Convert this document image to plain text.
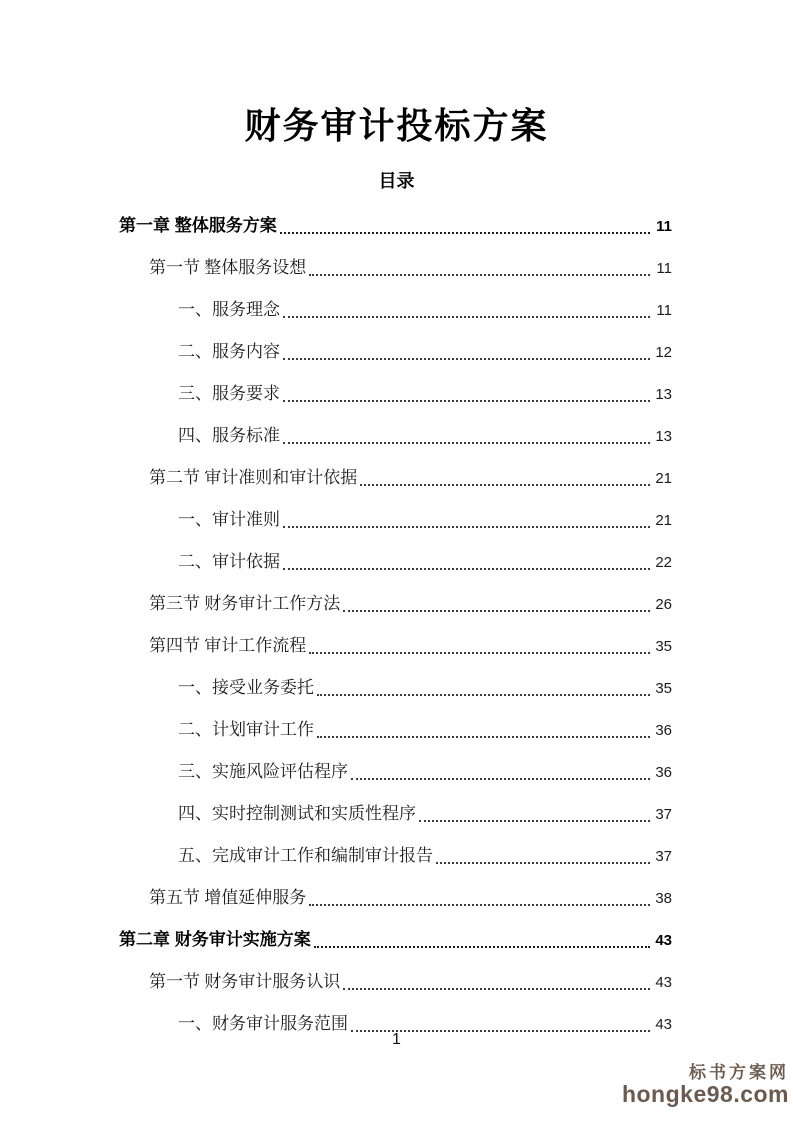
财务审计投标方案
目录
第一章 整体服务方案	11
第一节 整体服务设想	11
一、服务理念	11
二、服务内容	12
三、服务要求	13
四、服务标准	13
第二节 审计准则和审计依据	21
一、审计准则	21
二、审计依据	22
第三节 财务审计工作方法	26
第四节 审计工作流程	35
一、接受业务委托	35
二、计划审计工作	36
三、实施风险评估程序	36
四、实时控制测试和实质性程序	37
五、完成审计工作和编制审计报告	37
第五节 增值延伸服务	38
第二章 财务审计实施方案	43
第一节 财务审计服务认识	43
一、财务审计服务范围	43
1
标书方案网
hongke98.com
